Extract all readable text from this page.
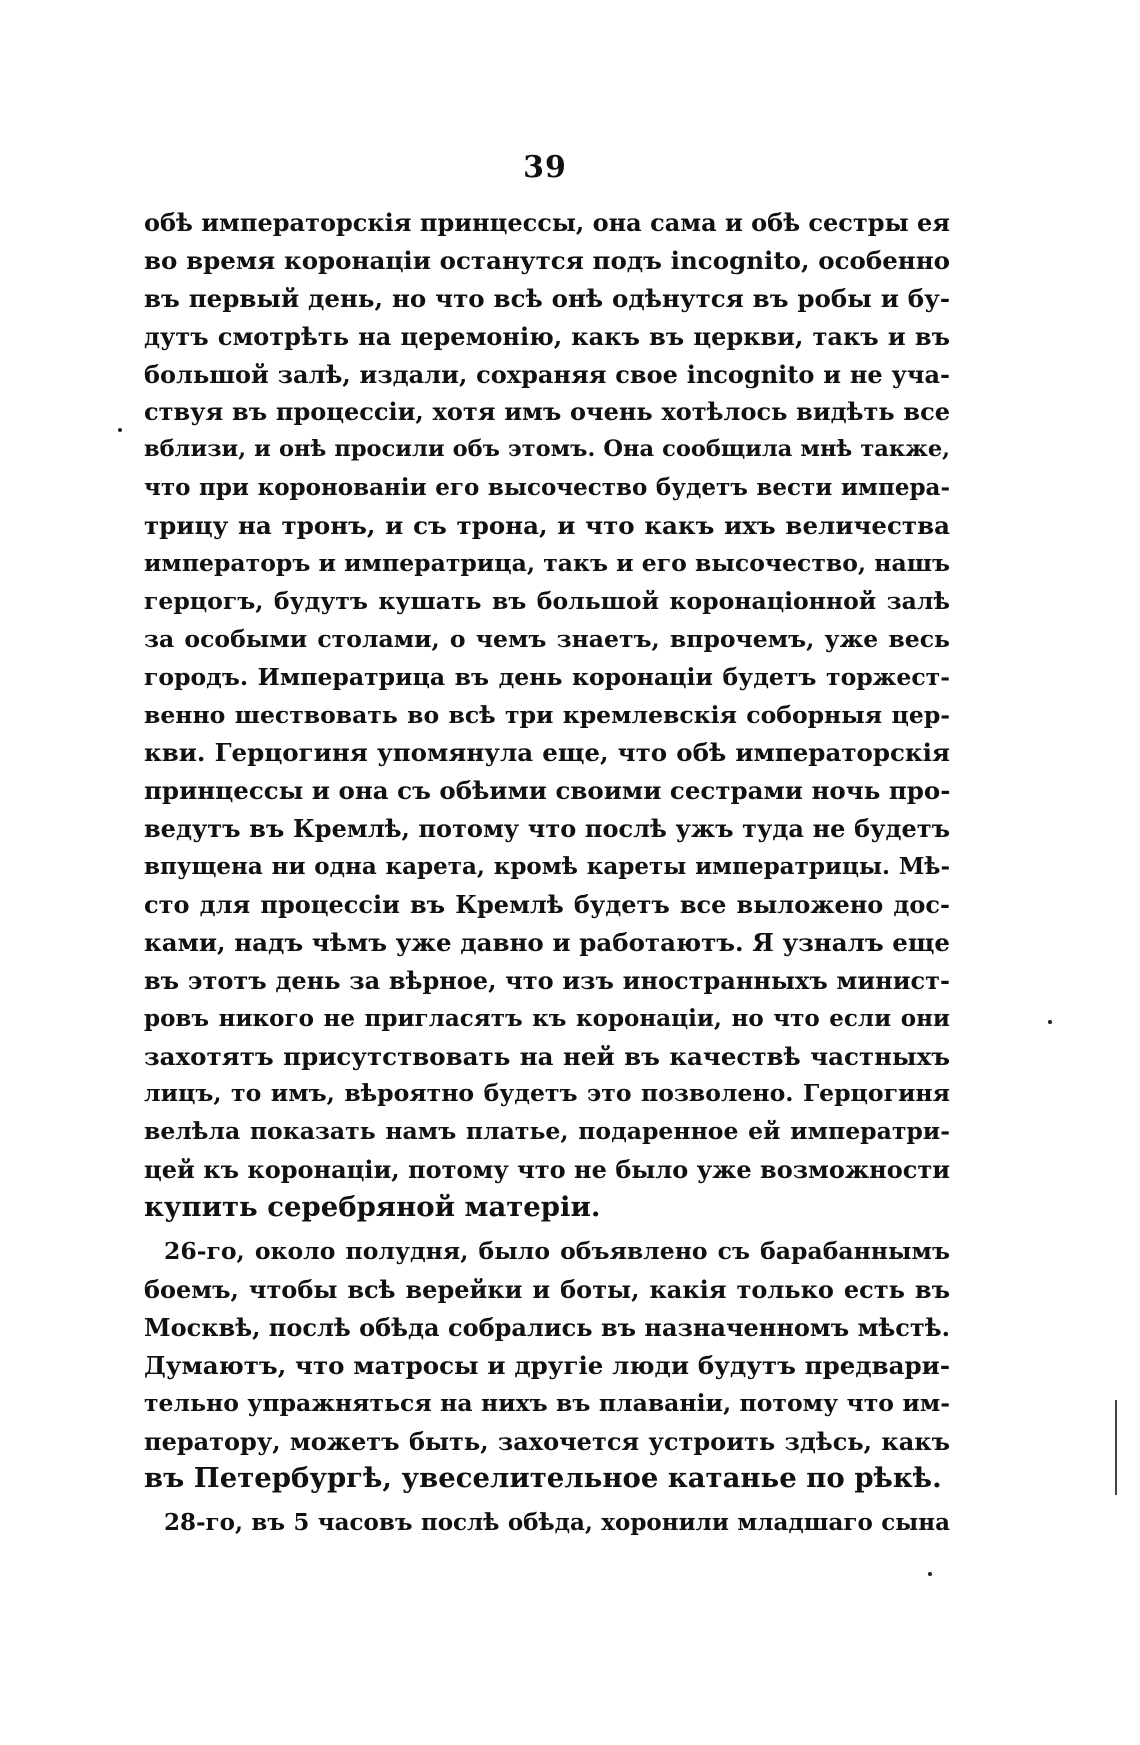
39
обѣ императорскія принцессы, она сама и обѣ сестры ея
во время коронаціи останутся подъ incognito, особенно
въ первый день, но что всѣ онѣ одѣнутся въ робы и бу-
дутъ смотрѣть на церемонію, какъ въ церкви, такъ и въ
большой залѣ, издали, сохраняя свое incognito и не уча-
ствуя въ процессіи, хотя имъ очень хотѣлось видѣть все
вблизи, и онѣ просили объ этомъ. Она сообщила мнѣ также,
что при коронованіи его высочество будетъ вести импера-
трицу на тронъ, и съ трона, и что какъ ихъ величества
императоръ и императрица, такъ и его высочество, нашъ
герцогъ, будутъ кушать въ большой коронаціонной залѣ
за особыми столами, о чемъ знаетъ, впрочемъ, уже весь
городъ. Императрица въ день коронаціи будетъ торжест-
венно шествовать во всѣ три кремлевскія соборныя цер-
кви. Герцогиня упомянула еще, что обѣ императорскія
принцессы и она съ обѣими своими сестрами ночь про-
ведутъ въ Кремлѣ, потому что послѣ ужъ туда не будетъ
впущена ни одна карета, кромѣ кареты императрицы. Мѣ-
сто для процессіи въ Кремлѣ будетъ все выложено дос-
ками, надъ чѣмъ уже давно и работаютъ. Я узналъ еще
въ этотъ день за вѣрное, что изъ иностранныхъ минист-
ровъ никого не пригласятъ къ коронаціи, но что если они
захотятъ присутствовать на ней въ качествѣ частныхъ
лицъ, то имъ, вѣроятно будетъ это позволено. Герцогиня
велѣла показать намъ платье, подаренное ей императри-
цей къ коронаціи, потому что не было уже возможности
купить серебряной матеріи.
26-го, около полудня, было объявлено съ барабаннымъ
боемъ, чтобы всѣ верейки и боты, какія только есть въ
Москвѣ, послѣ обѣда собрались въ назначенномъ мѣстѣ.
Думаютъ, что матросы и другіе люди будутъ предвари-
тельно упражняться на нихъ въ плаваніи, потому что им-
ператору, можетъ быть, захочется устроить здѣсь, какъ
въ Петербургѣ, увеселительное катанье по рѣкѣ.
28-го, въ 5 часовъ послѣ обѣда, хоронили младшаго сына
